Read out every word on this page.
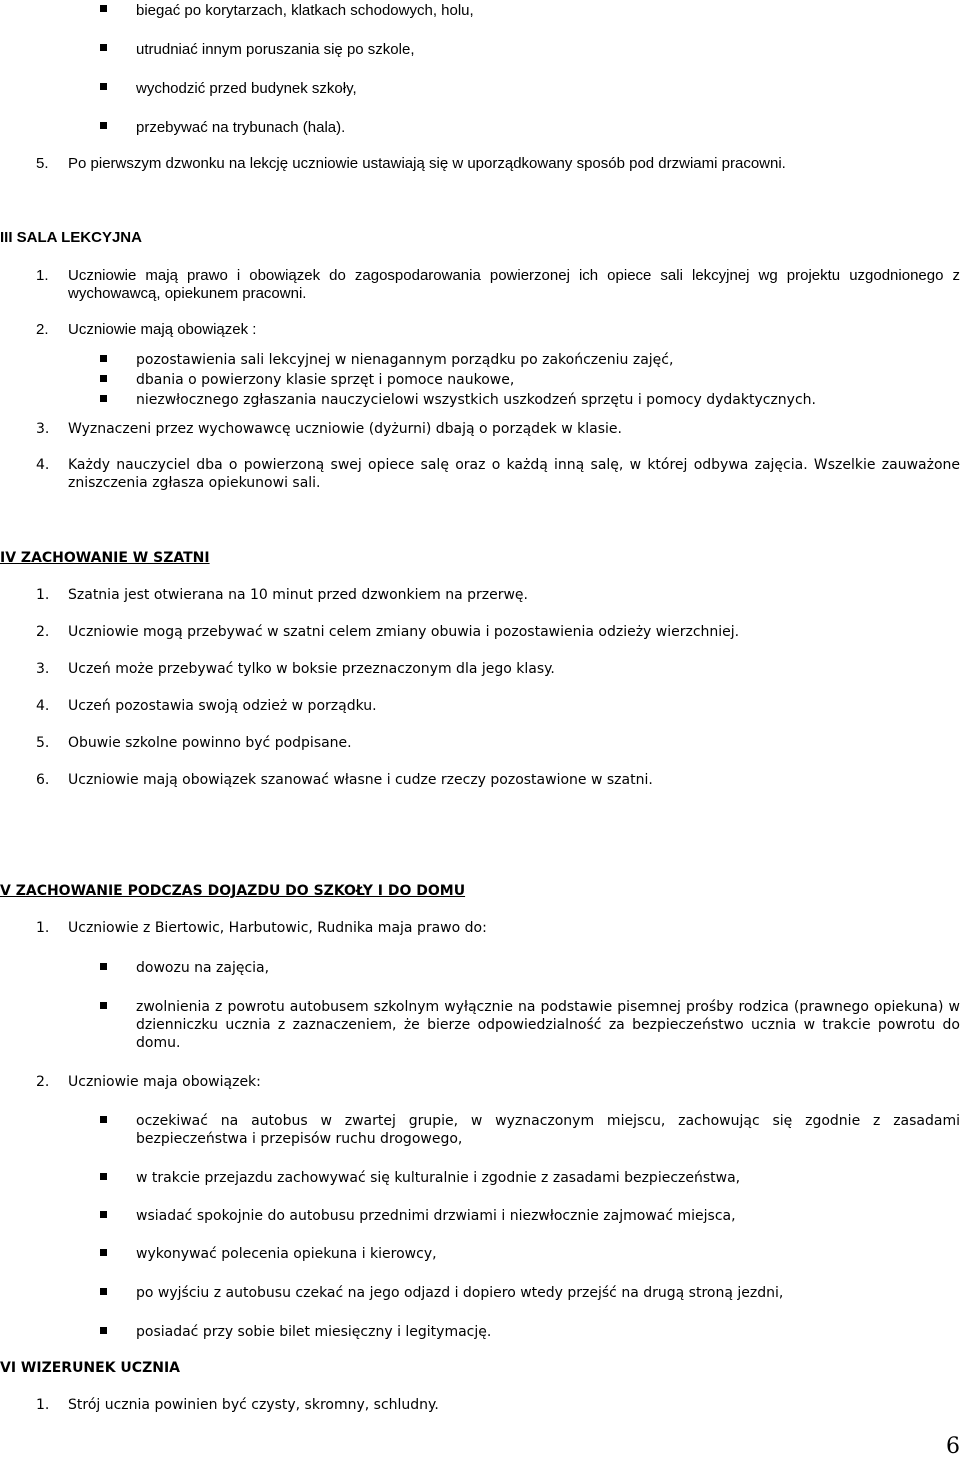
biegać po korytarzach, klatkach schodowych, holu,
utrudniać innym poruszania się po szkole,
wychodzić przed budynek szkoły,
przebywać na trybunach (hala).
5. Po pierwszym dzwonku na lekcję uczniowie ustawiają się w uporządkowany sposób pod drzwiami pracowni.
III SALA LEKCYJNA
1. Uczniowie mają prawo i obowiązek do zagospodarowania powierzonej ich opiece sali lekcyjnej wg projektu uzgodnionego z wychowawcą, opiekunem pracowni.
2. Uczniowie mają obowiązek :
pozostawienia sali lekcyjnej w nienagannym porządku po zakończeniu zajęć,
dbania o powierzony klasie sprzęt i pomoce naukowe,
niezwłocznego zgłaszania nauczycielowi wszystkich uszkodzeń sprzętu i pomocy dydaktycznych.
3. Wyznaczeni przez wychowawcę uczniowie (dyżurni) dbają o porządek w klasie.
4. Każdy nauczyciel dba o powierzoną swej opiece salę oraz o każdą inną salę, w której odbywa zajęcia. Wszelkie zauważone zniszczenia zgłasza opiekunowi sali.
IV ZACHOWANIE W SZATNI
1. Szatnia jest otwierana na 10 minut przed dzwonkiem na przerwę.
2. Uczniowie mogą przebywać w szatni celem zmiany obuwia i pozostawienia odzieży wierzchniej.
3. Uczeń może przebywać tylko w boksie przeznaczonym dla jego klasy.
4. Uczeń pozostawia swoją odzież w porządku.
5. Obuwie szkolne powinno być podpisane.
6. Uczniowie mają obowiązek szanować własne i cudze rzeczy pozostawione w szatni.
V ZACHOWANIE PODCZAS DOJAZDU DO SZKOŁY I DO DOMU
1. Uczniowie z Biertowic, Harbutowic, Rudnika maja prawo do:
dowozu na zajęcia,
zwolnienia z powrotu autobusem szkolnym wyłącznie na podstawie pisemnej prośby rodzica (prawnego opiekuna) w dzienniczku ucznia z zaznaczeniem, że bierze odpowiedzialność za bezpieczeństwo ucznia w trakcie powrotu do domu.
2. Uczniowie maja obowiązek:
oczekiwać na autobus w zwartej grupie, w wyznaczonym miejscu, zachowując się zgodnie z zasadami bezpieczeństwa i przepisów ruchu drogowego,
w trakcie przejazdu zachowywać się kulturalnie i zgodnie z zasadami bezpieczeństwa,
wsiadać spokojnie do autobusu przednimi drzwiami i niezwłocznie zajmować miejsca,
wykonywać polecenia opiekuna i kierowcy,
po wyjściu z autobusu czekać na jego odjazd i dopiero wtedy przejść na drugą stroną jezdni,
posiadać przy sobie bilet miesięczny i legitymację.
VI WIZERUNEK UCZNIA
1. Strój ucznia powinien być czysty, skromny, schludny.
6
